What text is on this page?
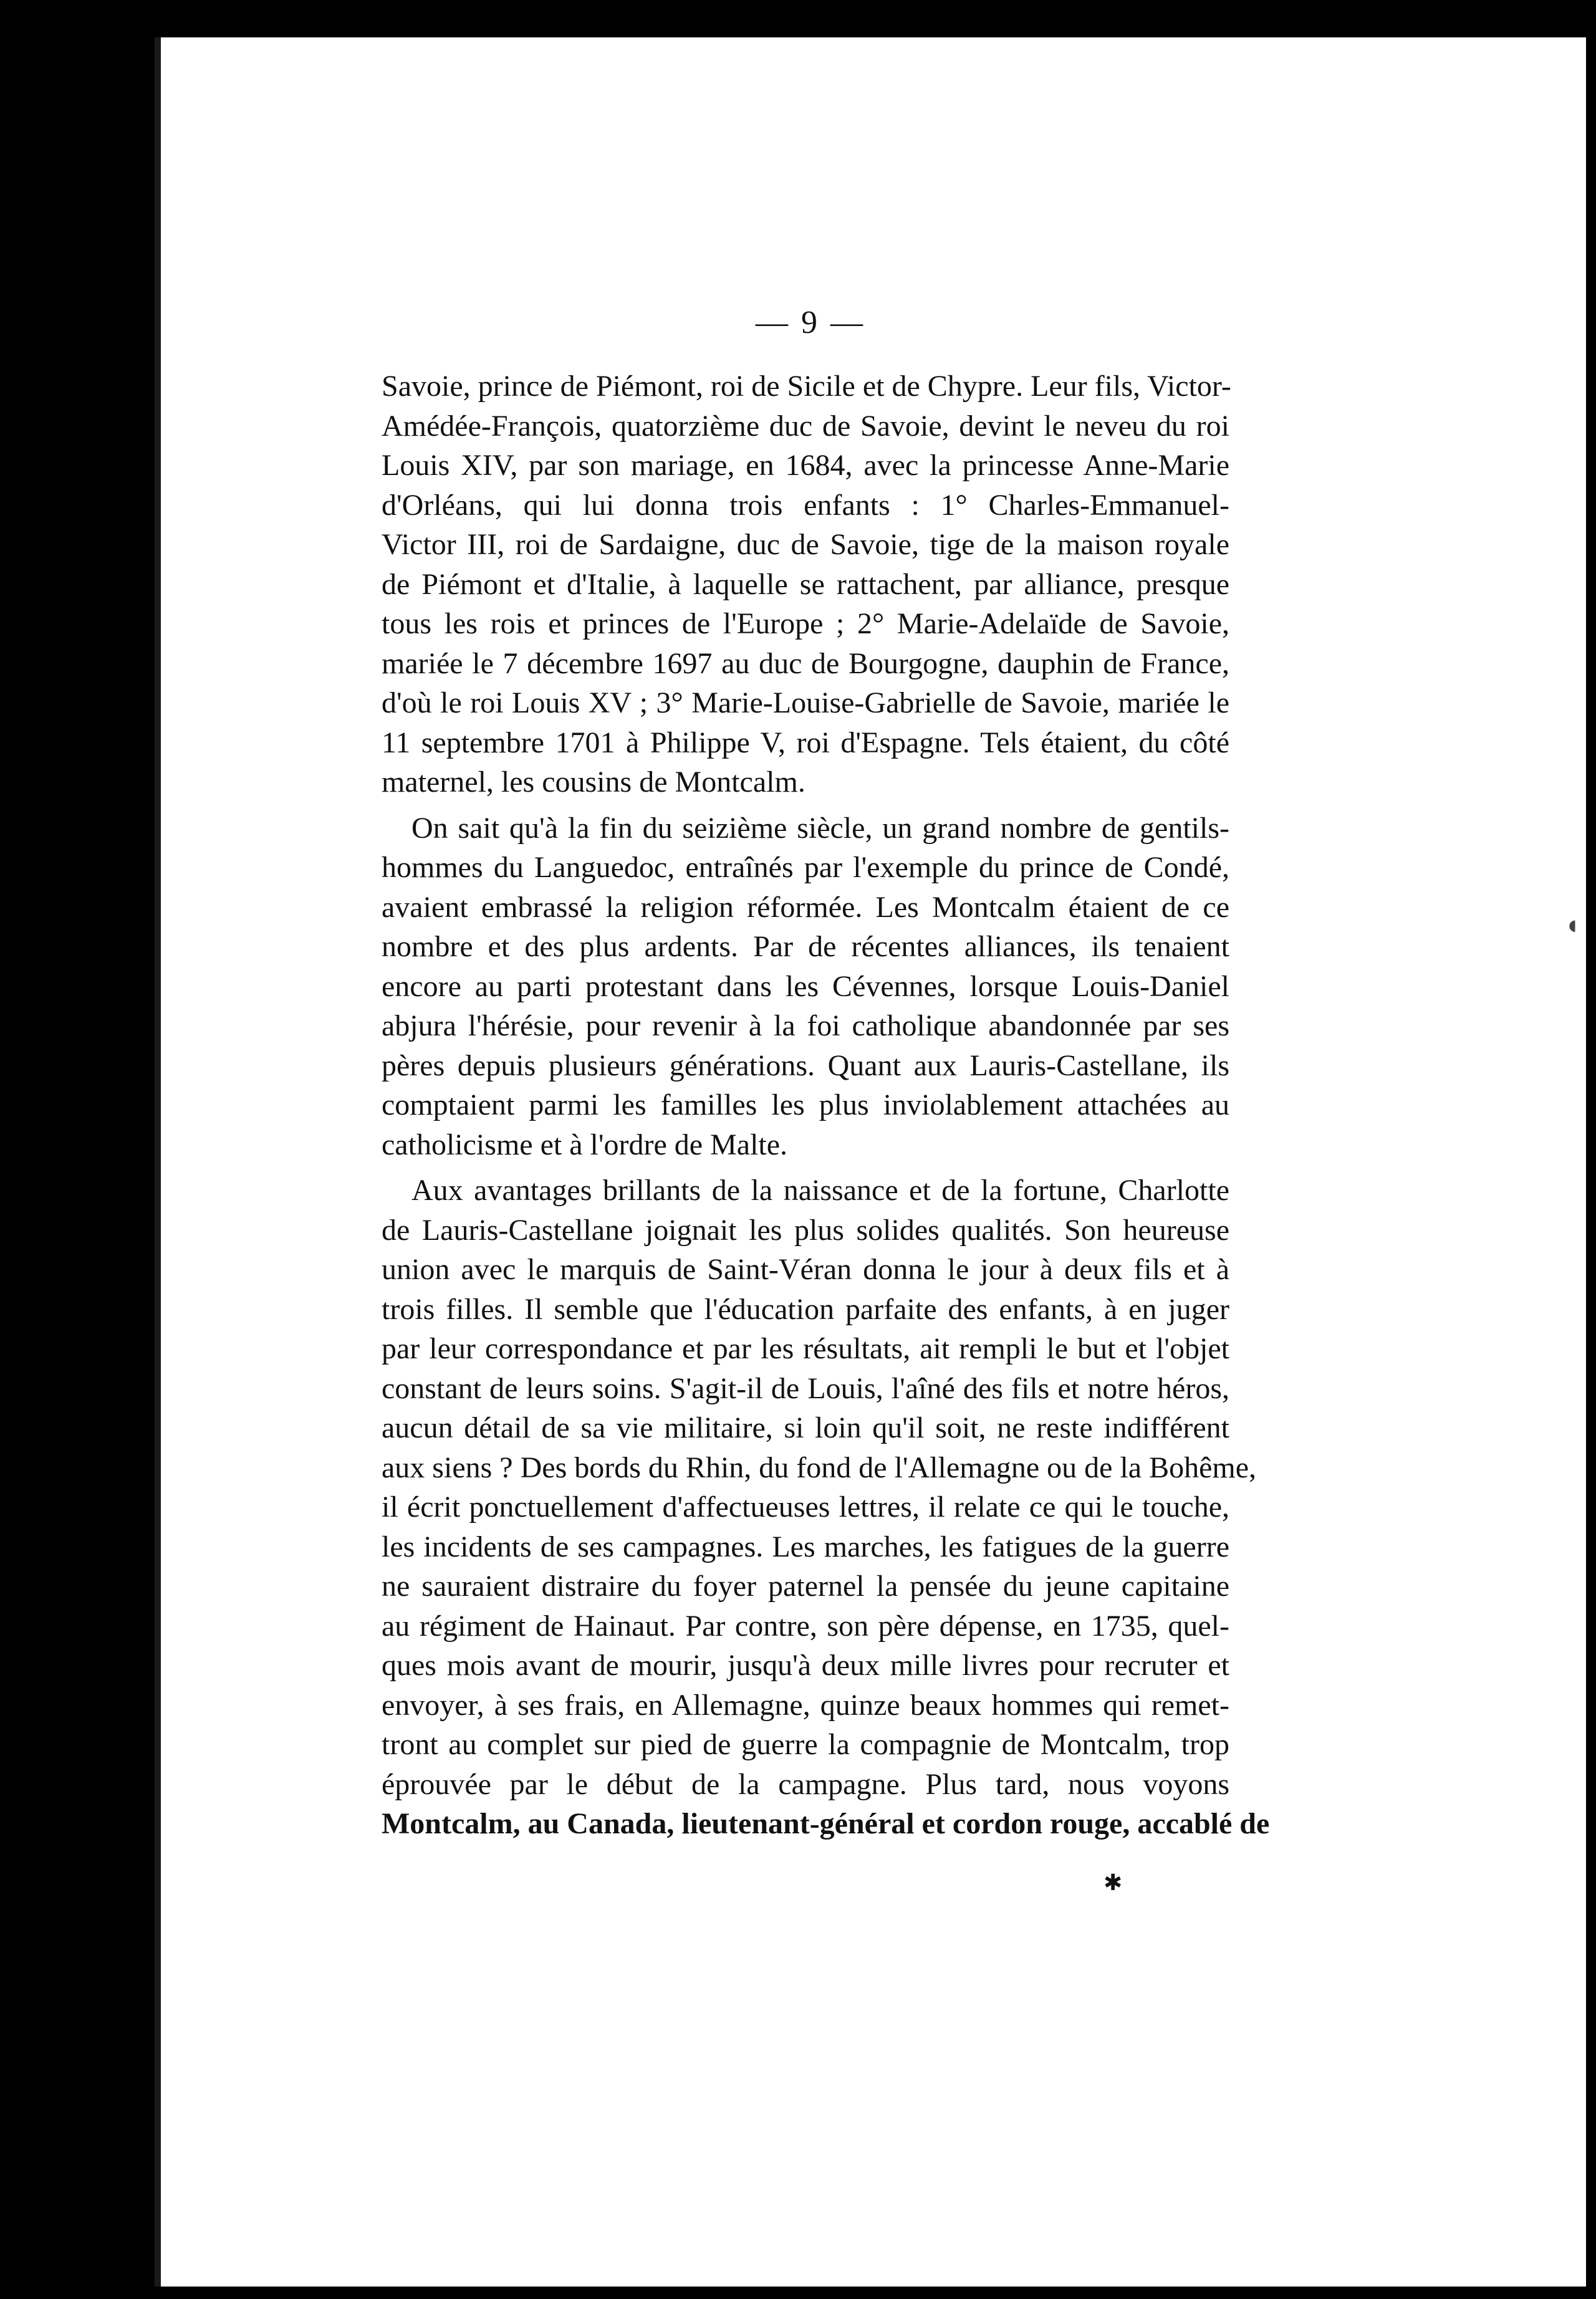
— 9 —
Savoie, prince de Piémont, roi de Sicile et de Chypre. Leur fils, Victor-
Amédée-François, quatorzième duc de Savoie, devint le neveu du roi
Louis XIV, par son mariage, en 1684, avec la princesse Anne-Marie
d'Orléans, qui lui donna trois enfants : 1° Charles-Emmanuel-
Victor III, roi de Sardaigne, duc de Savoie, tige de la maison royale
de Piémont et d'Italie, à laquelle se rattachent, par alliance, presque
tous les rois et princes de l'Europe ; 2° Marie-Adelaïde de Savoie,
mariée le 7 décembre 1697 au duc de Bourgogne, dauphin de France,
d'où le roi Louis XV ; 3° Marie-Louise-Gabrielle de Savoie, mariée le
11 septembre 1701 à Philippe V, roi d'Espagne. Tels étaient, du côté
maternel, les cousins de Montcalm.
On sait qu'à la fin du seizième siècle, un grand nombre de gentils-
hommes du Languedoc, entraînés par l'exemple du prince de Condé,
avaient embrassé la religion réformée. Les Montcalm étaient de ce
nombre et des plus ardents. Par de récentes alliances, ils tenaient
encore au parti protestant dans les Cévennes, lorsque Louis-Daniel
abjura l'hérésie, pour revenir à la foi catholique abandonnée par ses
pères depuis plusieurs générations. Quant aux Lauris-Castellane, ils
comptaient parmi les familles les plus inviolablement attachées au
catholicisme et à l'ordre de Malte.
Aux avantages brillants de la naissance et de la fortune, Charlotte
de Lauris-Castellane joignait les plus solides qualités. Son heureuse
union avec le marquis de Saint-Véran donna le jour à deux fils et à
trois filles. Il semble que l'éducation parfaite des enfants, à en juger
par leur correspondance et par les résultats, ait rempli le but et l'objet
constant de leurs soins. S'agit-il de Louis, l'aîné des fils et notre héros,
aucun détail de sa vie militaire, si loin qu'il soit, ne reste indifférent
aux siens ? Des bords du Rhin, du fond de l'Allemagne ou de la Bohême,
il écrit ponctuellement d'affectueuses lettres, il relate ce qui le touche,
les incidents de ses campagnes. Les marches, les fatigues de la guerre
ne sauraient distraire du foyer paternel la pensée du jeune capitaine
au régiment de Hainaut. Par contre, son père dépense, en 1735, quel-
ques mois avant de mourir, jusqu'à deux mille livres pour recruter et
envoyer, à ses frais, en Allemagne, quinze beaux hommes qui remet-
tront au complet sur pied de guerre la compagnie de Montcalm, trop
éprouvée par le début de la campagne. Plus tard, nous voyons
Montcalm, au Canada, lieutenant-général et cordon rouge, accablé de
✱
◖
